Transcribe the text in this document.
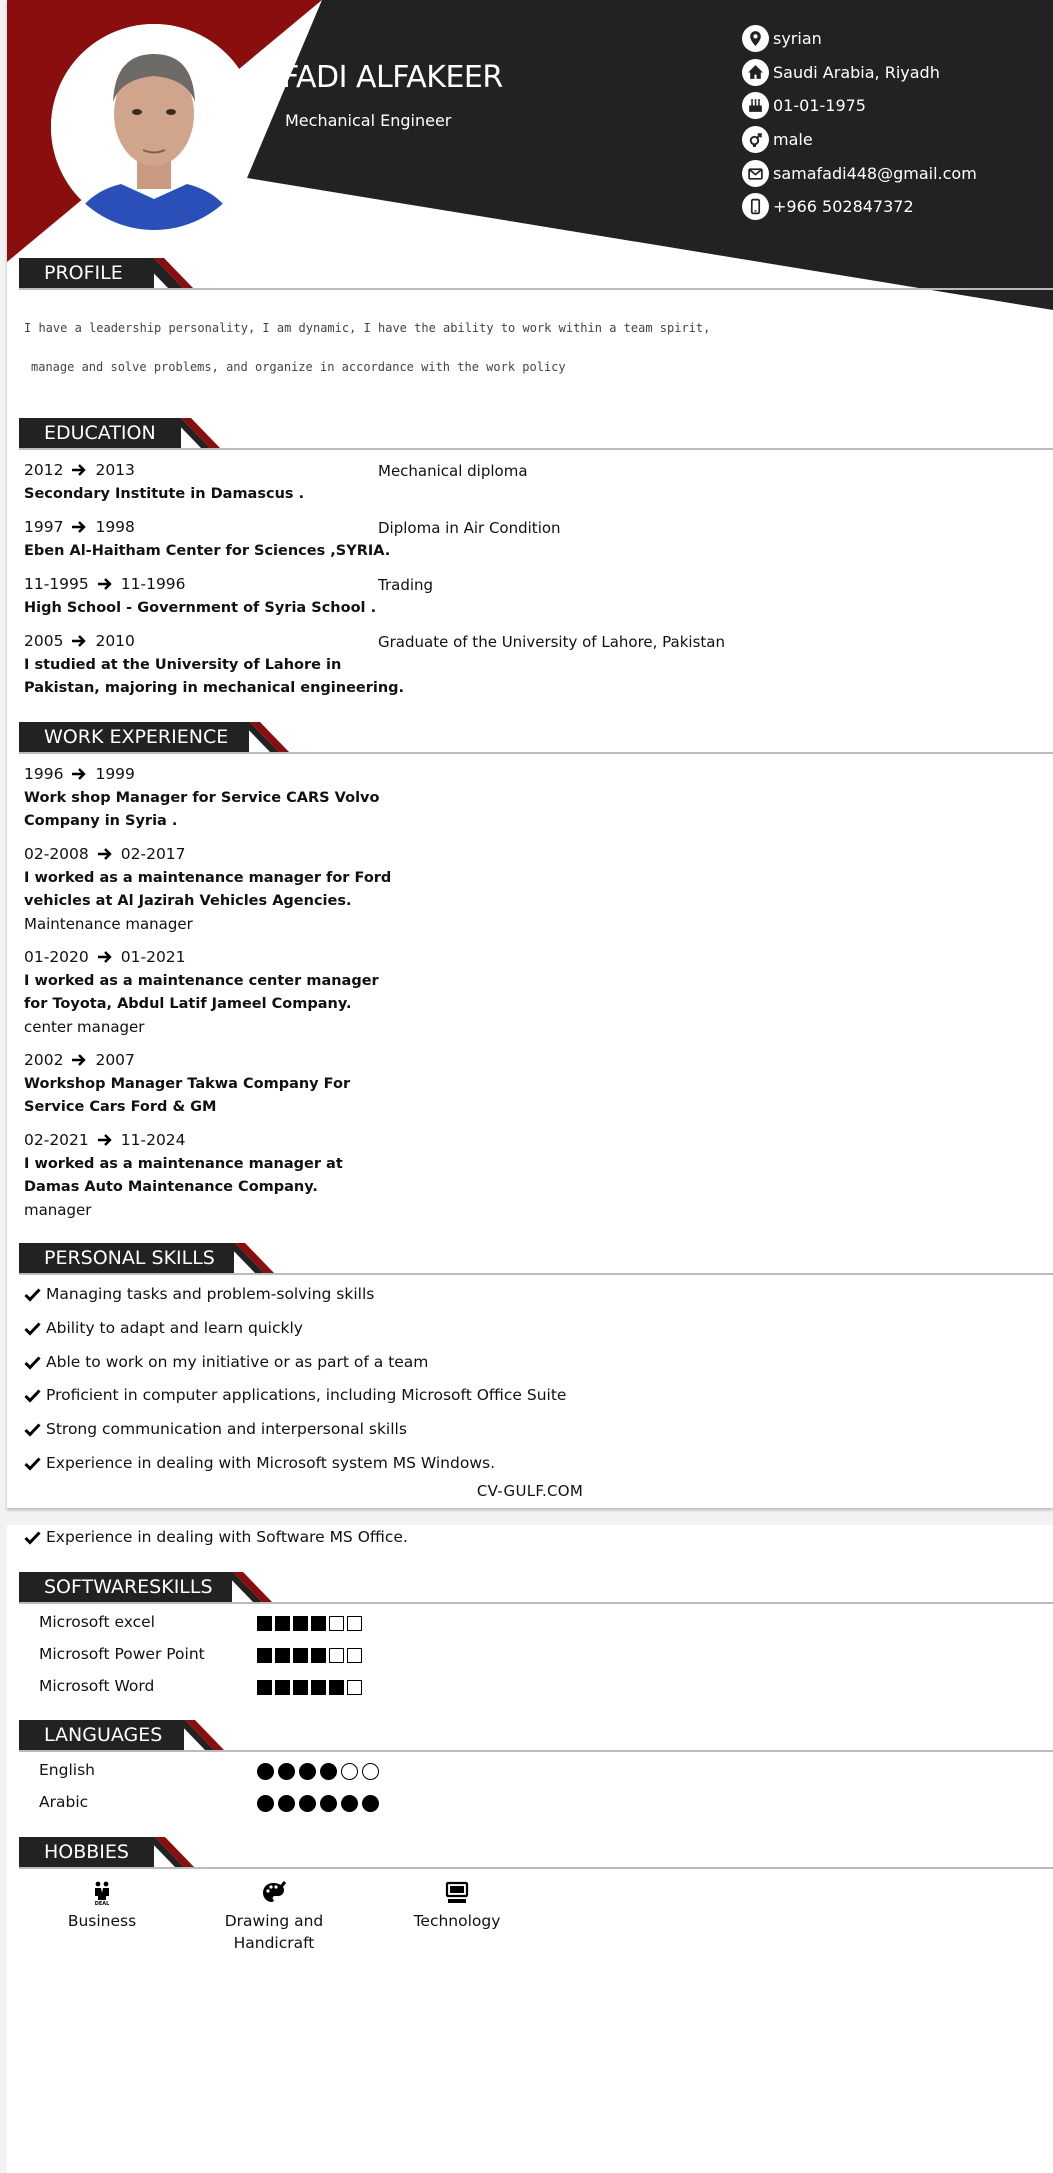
FADI ALFAKEER
Mechanical Engineer
syrian
Saudi Arabia, Riyadh
01-01-1975
male
samafadi448@gmail.com
+966 502847372
PROFILE
I have a leadership personality, I am dynamic, I have the ability to work within a team spirit,
manage and solve problems, and organize in accordance with the work policy
EDUCATION
2012 2013
Secondary Institute in Damascus .
Mechanical diploma
1997 1998
Eben Al-Haitham Center for Sciences ,SYRIA.
Diploma in Air Condition
11-1995 11-1996
High School - Government of Syria School .
Trading
2005 2010
I studied at the University of Lahore in
Pakistan, majoring in mechanical engineering.
Graduate of the University of Lahore, Pakistan
WORK EXPERIENCE
1996 1999
Work shop Manager for Service CARS Volvo
Company in Syria .
02-2008 02-2017
I worked as a maintenance manager for Ford
vehicles at Al Jazirah Vehicles Agencies.
Maintenance manager
01-2020 01-2021
I worked as a maintenance center manager
for Toyota, Abdul Latif Jameel Company.
center manager
2002 2007
Workshop Manager Takwa Company For
Service Cars Ford & GM
02-2021 11-2024
I worked as a maintenance manager at
Damas Auto Maintenance Company.
manager
PERSONAL SKILLS
Managing tasks and problem-solving skills
Ability to adapt and learn quickly
Able to work on my initiative or as part of a team
Proficient in computer applications, including Microsoft Office Suite
Strong communication and interpersonal skills
Experience in dealing with Microsoft system MS Windows.
CV-GULF.COM
Experience in dealing with Software MS Office.
SOFTWARESKILLS
Microsoft excel
Microsoft Power Point
Microsoft Word
LANGUAGES
English
Arabic
HOBBIES
DEAL
Business	Drawing and
Handicraft
Technology
